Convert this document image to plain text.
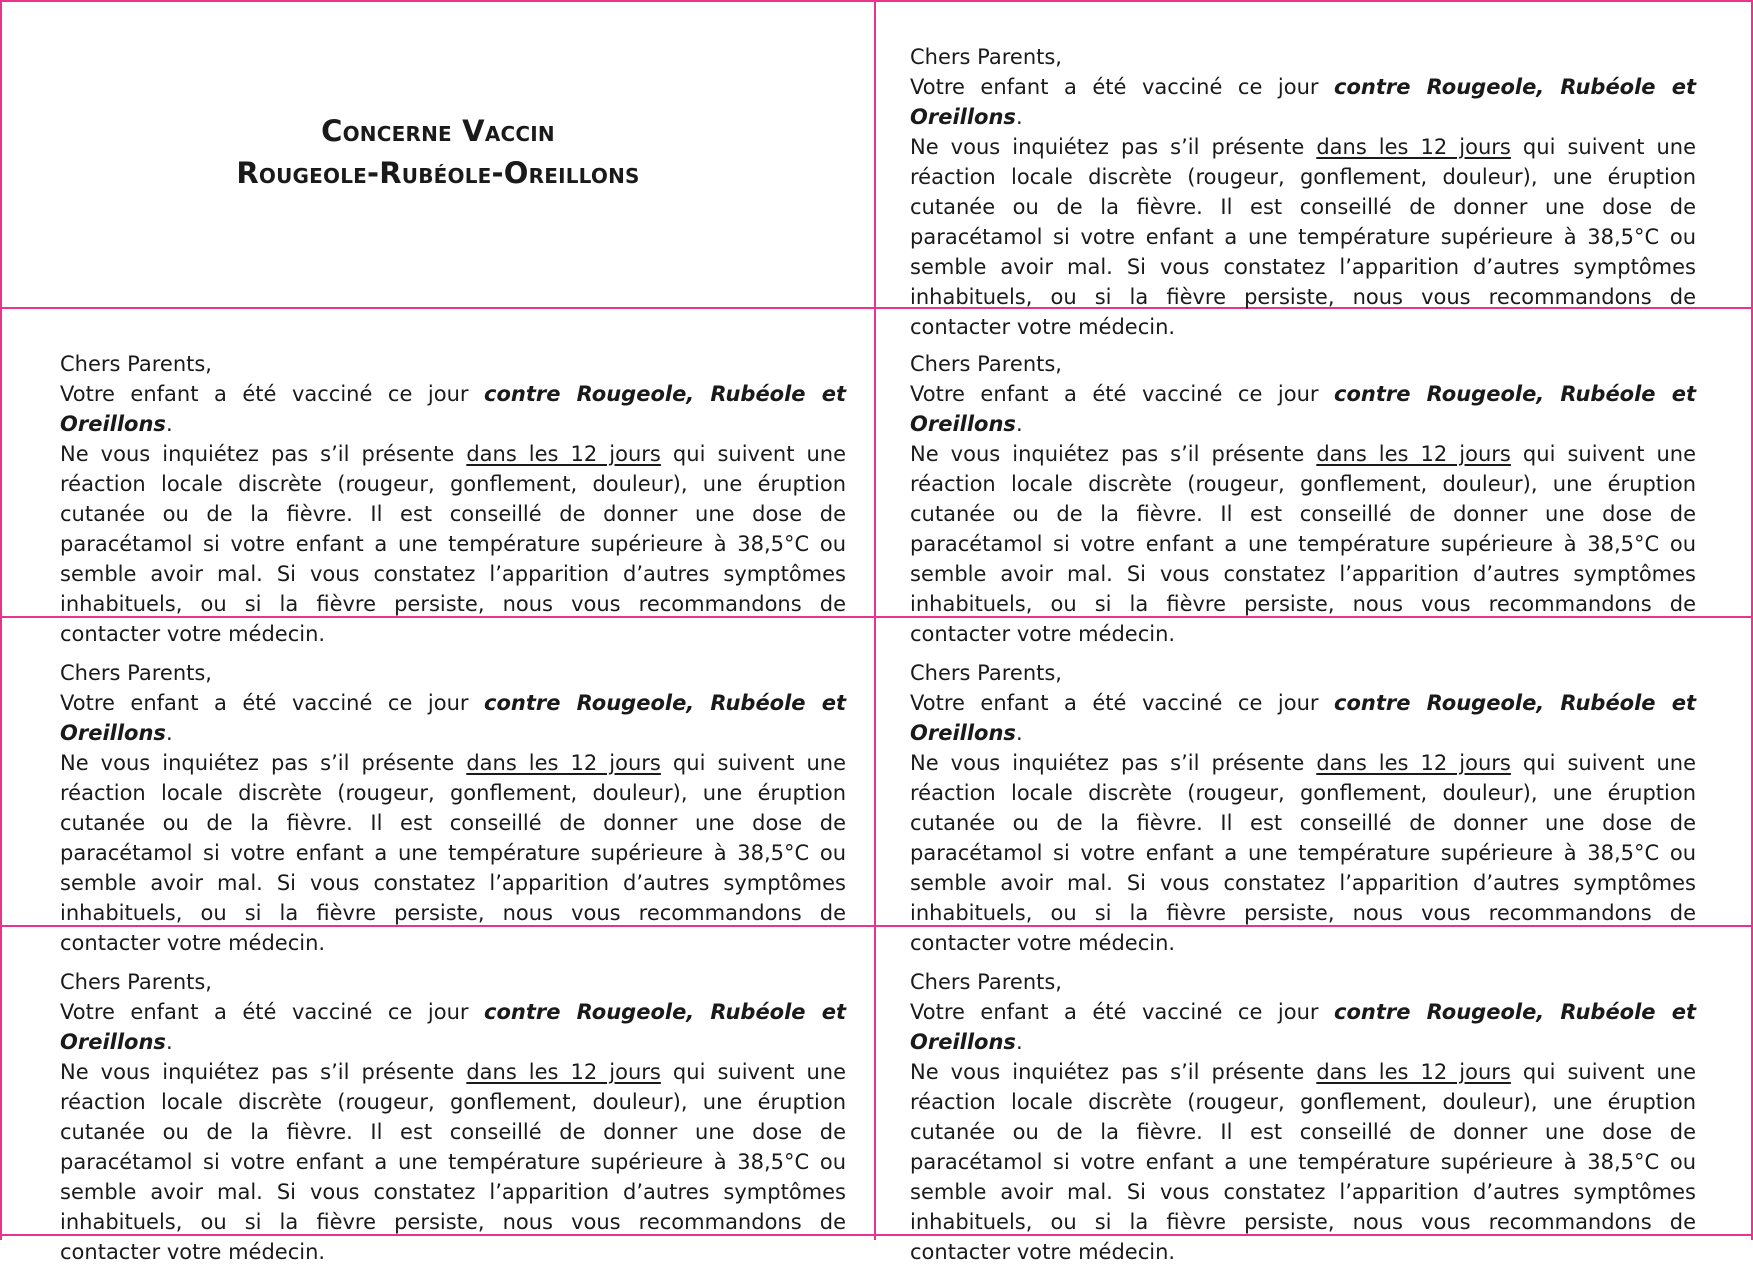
Concerne Vaccin
Rougeole-Rubéole-Oreillons
Chers Parents,
Votre enfant a été vacciné ce jour contre Rougeole, Rubéole et Oreillons.
Ne vous inquiétez pas s’il présente dans les 12 jours qui suivent une réaction locale discrète (rougeur, gonflement, douleur), une éruption cutanée ou de la fièvre. Il est conseillé de donner une dose de paracétamol si votre enfant a une température supérieure à 38,5°C ou semble avoir mal. Si vous constatez l’apparition d’autres symptômes inhabituels, ou si la fièvre persiste, nous vous recommandons de contacter votre médecin.
Chers Parents,
Votre enfant a été vacciné ce jour contre Rougeole, Rubéole et Oreillons.
Ne vous inquiétez pas s’il présente dans les 12 jours qui suivent une réaction locale discrète (rougeur, gonflement, douleur), une éruption cutanée ou de la fièvre. Il est conseillé de donner une dose de paracétamol si votre enfant a une température supérieure à 38,5°C ou semble avoir mal. Si vous constatez l’apparition d’autres symptômes inhabituels, ou si la fièvre persiste, nous vous recommandons de contacter votre médecin.
Chers Parents,
Votre enfant a été vacciné ce jour contre Rougeole, Rubéole et Oreillons.
Ne vous inquiétez pas s’il présente dans les 12 jours qui suivent une réaction locale discrète (rougeur, gonflement, douleur), une éruption cutanée ou de la fièvre. Il est conseillé de donner une dose de paracétamol si votre enfant a une température supérieure à 38,5°C ou semble avoir mal. Si vous constatez l’apparition d’autres symptômes inhabituels, ou si la fièvre persiste, nous vous recommandons de contacter votre médecin.
Chers Parents,
Votre enfant a été vacciné ce jour contre Rougeole, Rubéole et Oreillons.
Ne vous inquiétez pas s’il présente dans les 12 jours qui suivent une réaction locale discrète (rougeur, gonflement, douleur), une éruption cutanée ou de la fièvre. Il est conseillé de donner une dose de paracétamol si votre enfant a une température supérieure à 38,5°C ou semble avoir mal. Si vous constatez l’apparition d’autres symptômes inhabituels, ou si la fièvre persiste, nous vous recommandons de contacter votre médecin.
Chers Parents,
Votre enfant a été vacciné ce jour contre Rougeole, Rubéole et Oreillons.
Ne vous inquiétez pas s’il présente dans les 12 jours qui suivent une réaction locale discrète (rougeur, gonflement, douleur), une éruption cutanée ou de la fièvre. Il est conseillé de donner une dose de paracétamol si votre enfant a une température supérieure à 38,5°C ou semble avoir mal. Si vous constatez l’apparition d’autres symptômes inhabituels, ou si la fièvre persiste, nous vous recommandons de contacter votre médecin.
Chers Parents,
Votre enfant a été vacciné ce jour contre Rougeole, Rubéole et Oreillons.
Ne vous inquiétez pas s’il présente dans les 12 jours qui suivent une réaction locale discrète (rougeur, gonflement, douleur), une éruption cutanée ou de la fièvre. Il est conseillé de donner une dose de paracétamol si votre enfant a une température supérieure à 38,5°C ou semble avoir mal. Si vous constatez l’apparition d’autres symptômes inhabituels, ou si la fièvre persiste, nous vous recommandons de contacter votre médecin.
Chers Parents,
Votre enfant a été vacciné ce jour contre Rougeole, Rubéole et Oreillons.
Ne vous inquiétez pas s’il présente dans les 12 jours qui suivent une réaction locale discrète (rougeur, gonflement, douleur), une éruption cutanée ou de la fièvre. Il est conseillé de donner une dose de paracétamol si votre enfant a une température supérieure à 38,5°C ou semble avoir mal. Si vous constatez l’apparition d’autres symptômes inhabituels, ou si la fièvre persiste, nous vous recommandons de contacter votre médecin.
